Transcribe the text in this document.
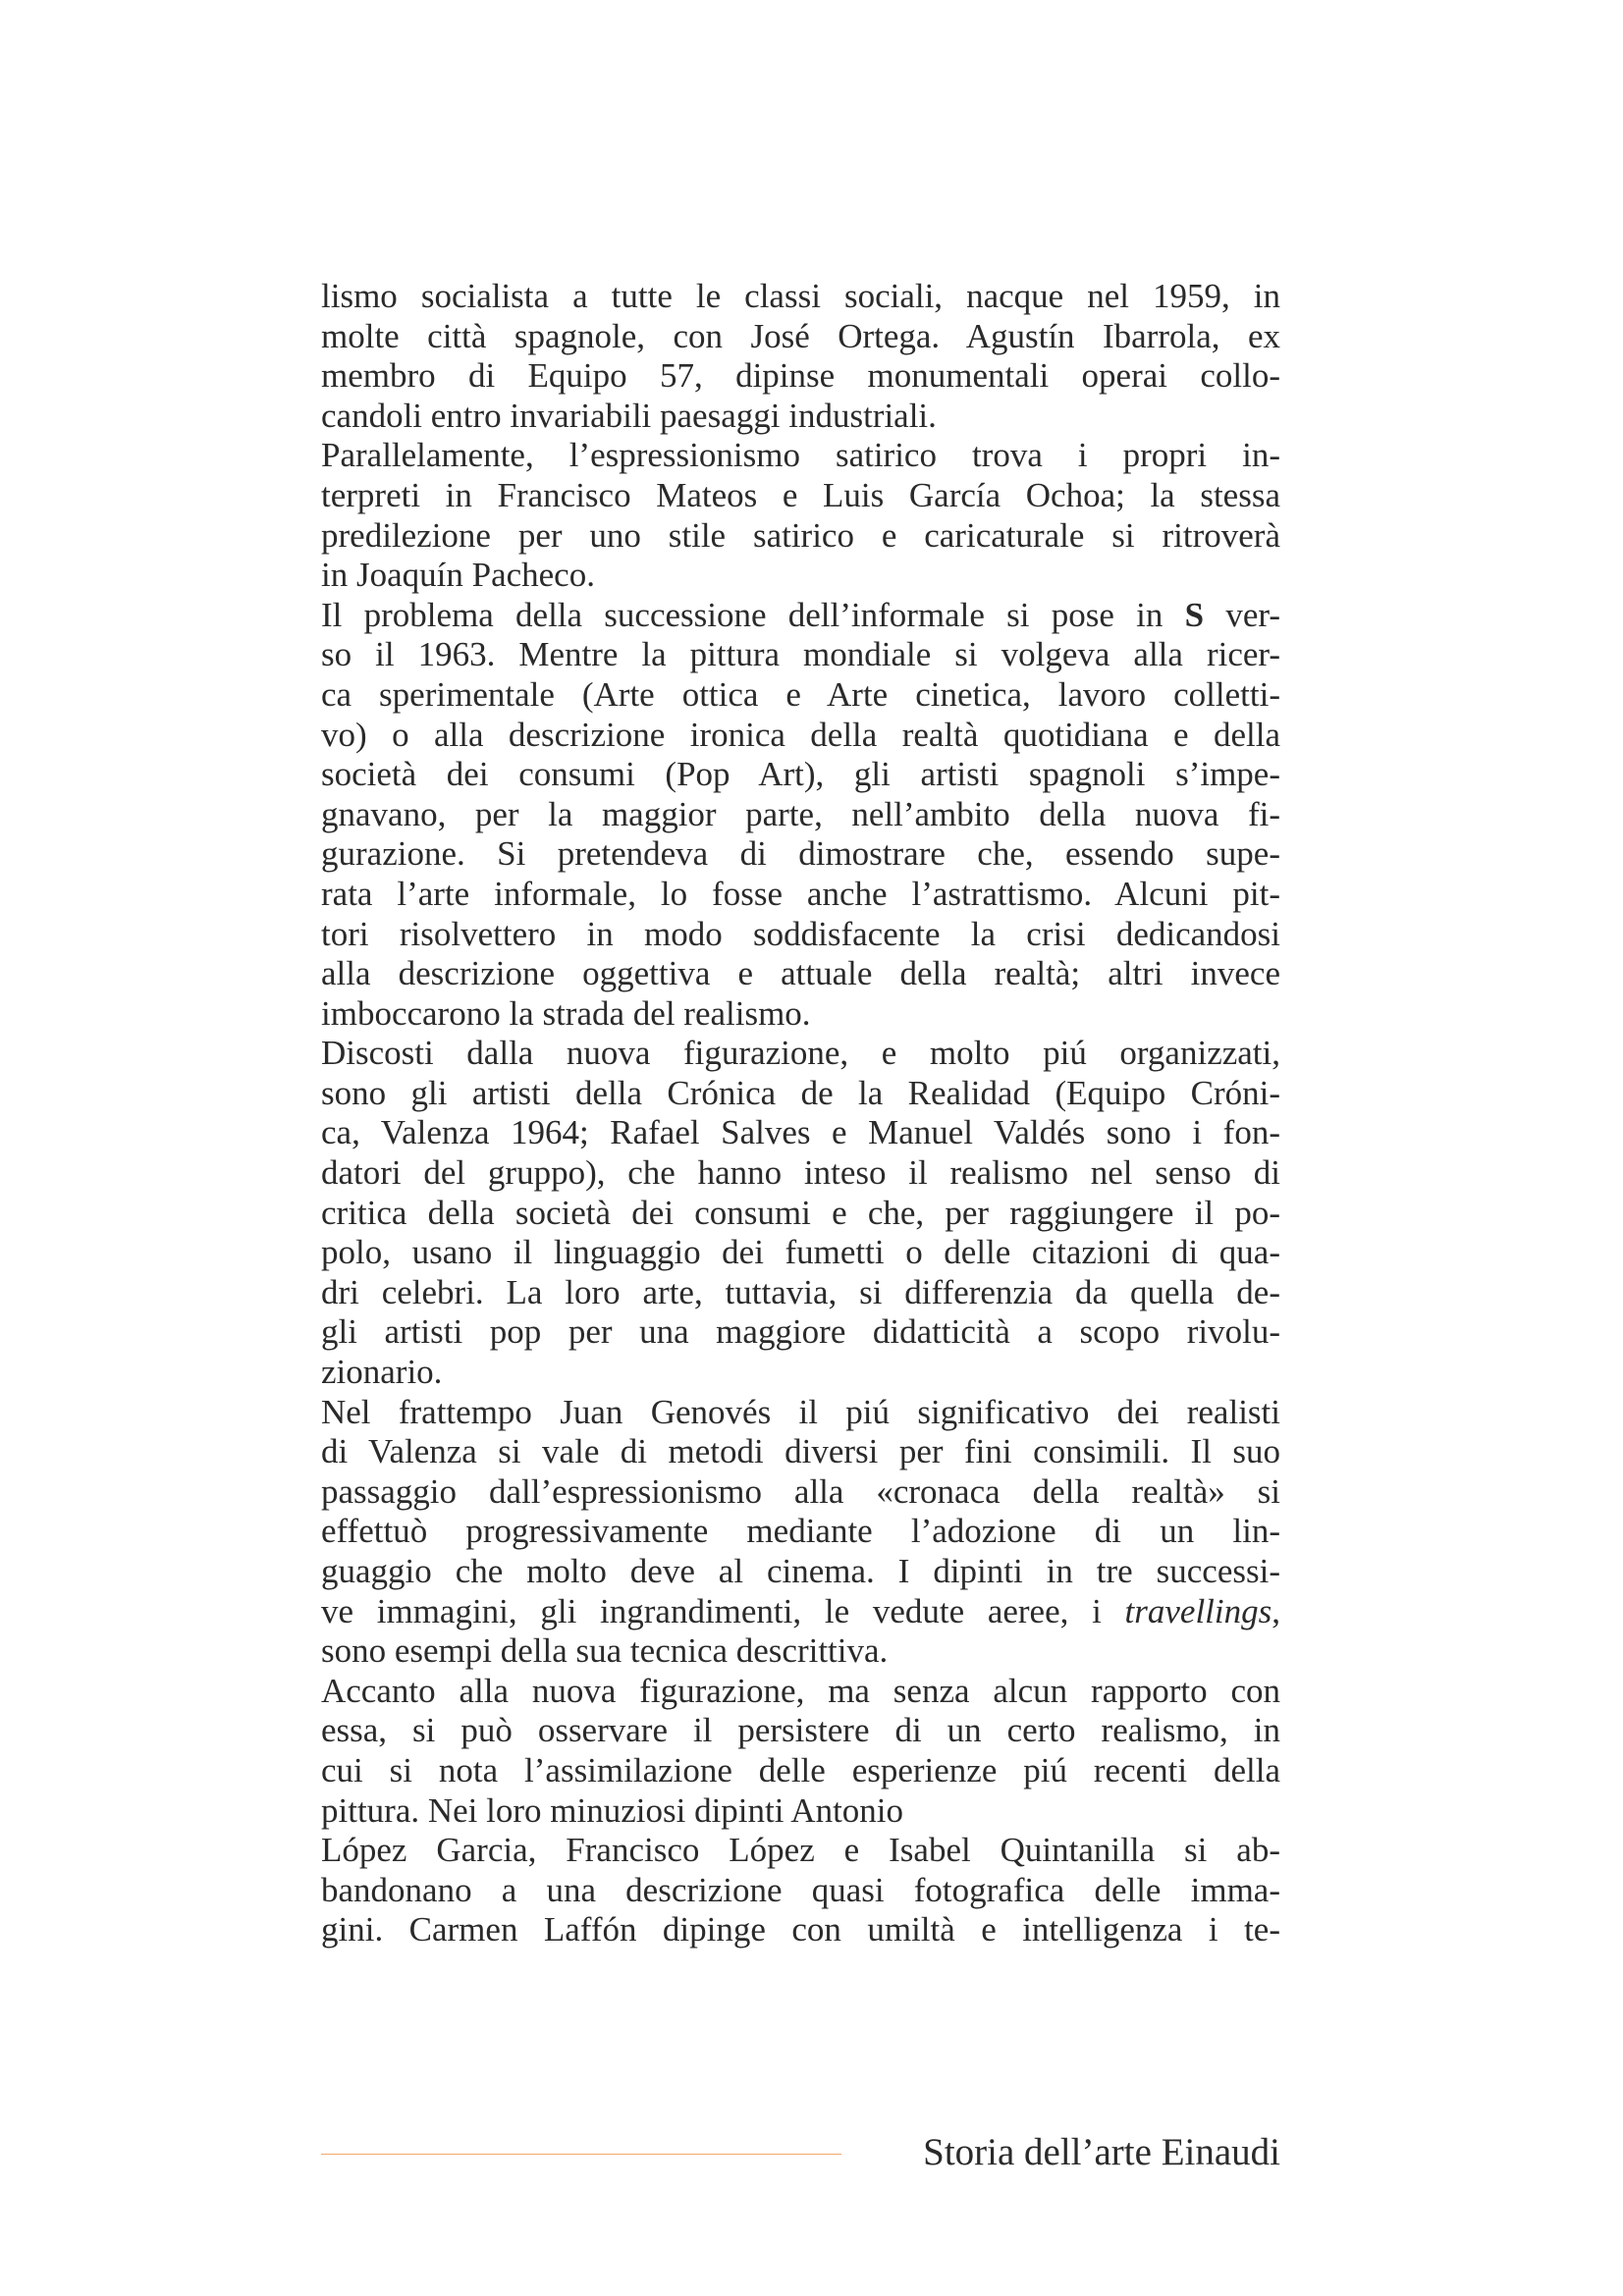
lismo socialista a tutte le classi sociali, nacque nel 1959, in
molte città spagnole, con José Ortega. Agustín Ibarrola, ex
membro di Equipo 57, dipinse monumentali operai collo-
candoli entro invariabili paesaggi industriali.
Parallelamente, l’espressionismo satirico trova i propri in-
terpreti in Francisco Mateos e Luis García Ochoa; la stessa
predilezione per uno stile satirico e caricaturale si ritroverà
in Joaquín Pacheco.
Il problema della successione dell’informale si pose in S ver-
so il 1963. Mentre la pittura mondiale si volgeva alla ricer-
ca sperimentale (Arte ottica e Arte cinetica, lavoro colletti-
vo) o alla descrizione ironica della realtà quotidiana e della
società dei consumi (Pop Art), gli artisti spagnoli s’impe-
gnavano, per la maggior parte, nell’ambito della nuova fi-
gurazione. Si pretendeva di dimostrare che, essendo supe-
rata l’arte informale, lo fosse anche l’astrattismo. Alcuni pit-
tori risolvettero in modo soddisfacente la crisi dedicandosi
alla descrizione oggettiva e attuale della realtà; altri invece
imboccarono la strada del realismo.
Discosti dalla nuova figurazione, e molto piú organizzati,
sono gli artisti della Crónica de la Realidad (Equipo Cróni-
ca, Valenza 1964; Rafael Salves e Manuel Valdés sono i fon-
datori del gruppo), che hanno inteso il realismo nel senso di
critica della società dei consumi e che, per raggiungere il po-
polo, usano il linguaggio dei fumetti o delle citazioni di qua-
dri celebri. La loro arte, tuttavia, si differenzia da quella de-
gli artisti pop per una maggiore didatticità a scopo rivolu-
zionario.
Nel frattempo Juan Genovés il piú significativo dei realisti
di Valenza si vale di metodi diversi per fini consimili. Il suo
passaggio dall’espressionismo alla «cronaca della realtà» si
effettuò progressivamente mediante l’adozione di un lin-
guaggio che molto deve al cinema. I dipinti in tre successi-
ve immagini, gli ingrandimenti, le vedute aeree, i travellings,
sono esempi della sua tecnica descrittiva.
Accanto alla nuova figurazione, ma senza alcun rapporto con
essa, si può osservare il persistere di un certo realismo, in
cui si nota l’assimilazione delle esperienze piú recenti della
pittura. Nei loro minuziosi dipinti Antonio
López Garcia, Francisco López e Isabel Quintanilla si ab-
bandonano a una descrizione quasi fotografica delle imma-
gini. Carmen Laffón dipinge con umiltà e intelligenza i te-
Storia dell’arte Einaudi
